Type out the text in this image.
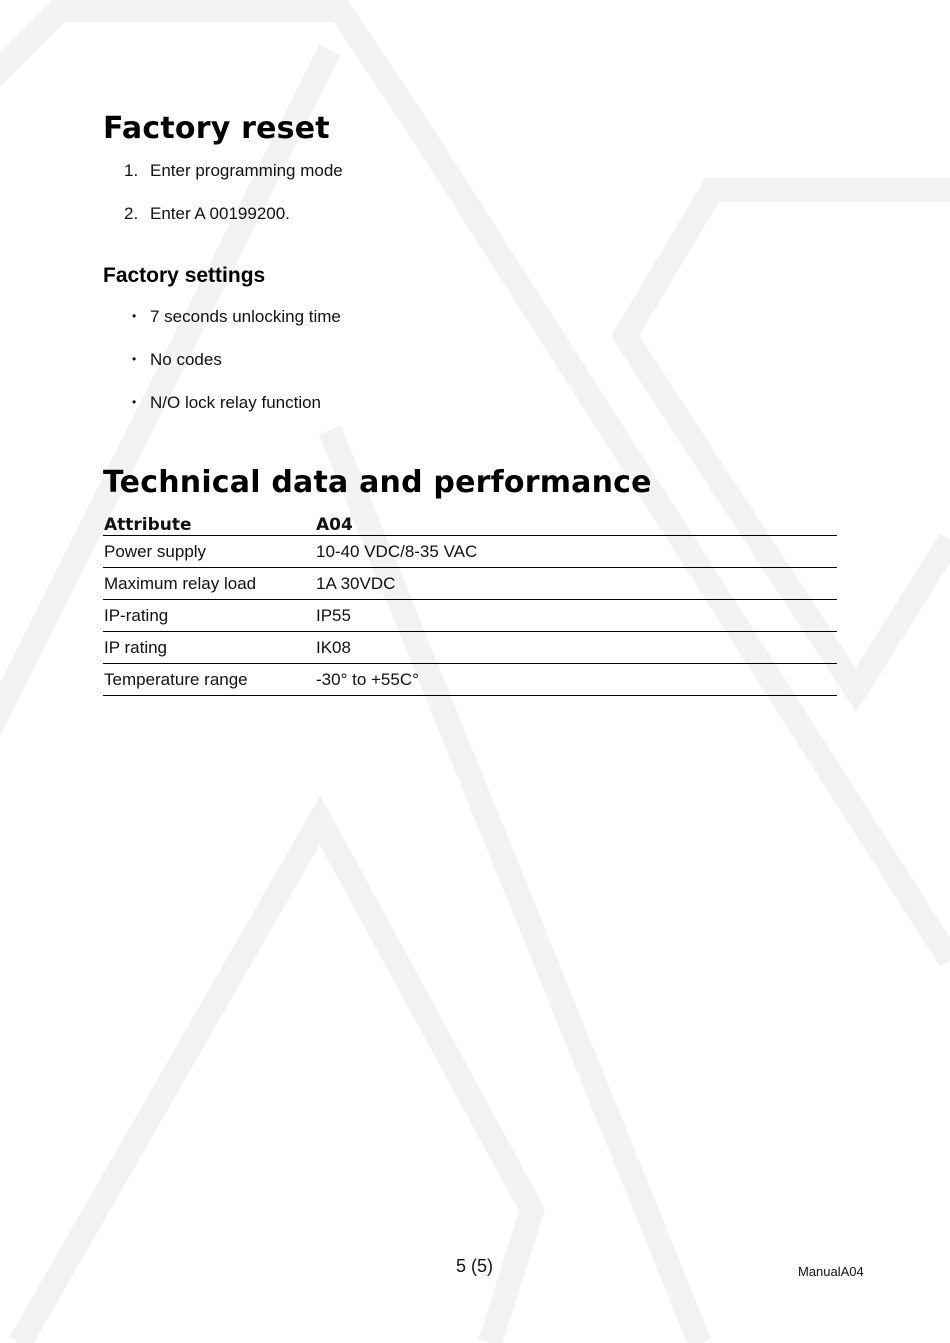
Factory reset
1. Enter programming mode
2. Enter A 00199200.
Factory settings
• 7 seconds unlocking time
• No codes
• N/O lock relay function
Technical data and performance
Attribute	A04
Power supply	10-40 VDC/8-35 VAC
Maximum relay load	1A 30VDC
IP-rating	IP55
IP rating	IK08
Temperature range	-30° to +55C°
5 (5)	ManualA04
